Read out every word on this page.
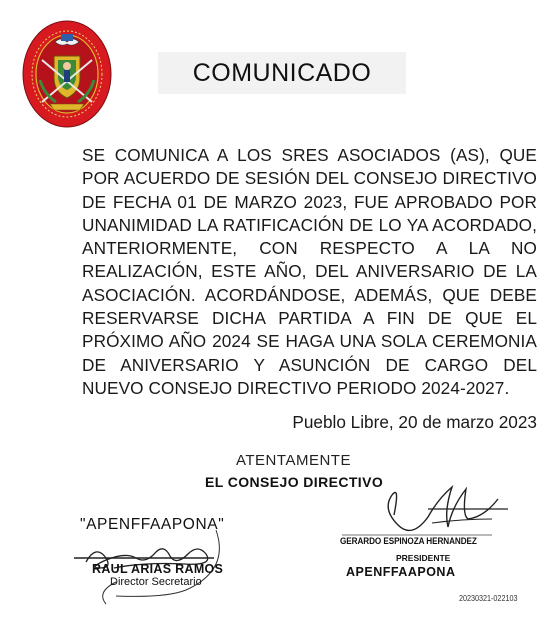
COMUNICADO
SE COMUNICA A LOS SRES ASOCIADOS (AS), QUE POR ACUERDO DE SESIÓN DEL CONSEJO DIRECTIVO DE FECHA 01 DE MARZO 2023, FUE APROBADO POR UNANIMIDAD LA RATIFICACIÓN DE LO YA ACORDADO, ANTERIORMENTE, CON RESPECTO A LA NO REALIZACIÓN, ESTE AÑO, DEL ANIVERSARIO DE LA ASOCIACIÓN. ACORDÁNDOSE, ADEMÁS, QUE DEBE RESERVARSE DICHA PARTIDA A FIN DE QUE EL PRÓXIMO AÑO 2024 SE HAGA UNA SOLA CEREMONIA DE ANIVERSARIO Y ASUNCIÓN DE CARGO DEL NUEVO CONSEJO DIRECTIVO PERIODO 2024-2027.
Pueblo Libre, 20 de marzo 2023
ATENTAMENTE
EL CONSEJO DIRECTIVO
"APENFFAAPONA"
RAUL ARIAS RAMOS
Director Secretario
GERARDO ESPINOZA HERNANDEZ
PRESIDENTE
APENFFAAPONA
20230321-022103
